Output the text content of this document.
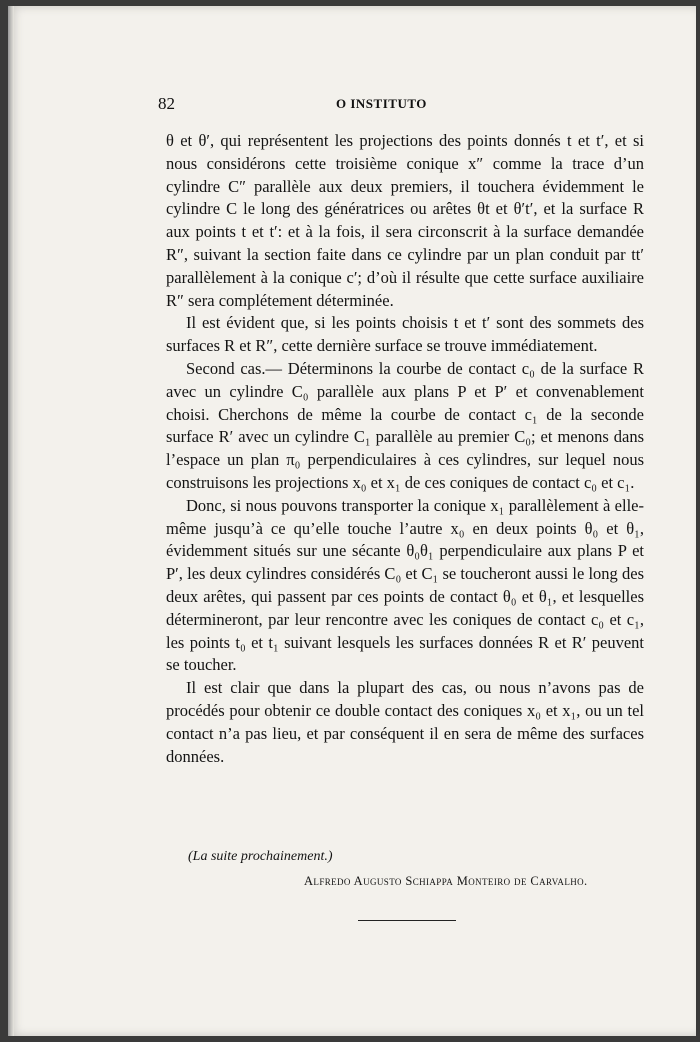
82	O INSTITUTO

θ et θ′, qui représentent les projections des points donnés t et t′, et si nous considérons cette troisième conique x″ comme la trace d’un cylindre C″ parallèle aux deux premiers, il touchera évidemment le cylindre C le long des génératrices ou arêtes θt et θ′t′, et la surface R aux points t et t′: et à la fois, il sera circonscrit à la surface demandée R″, suivant la section faite dans ce cylindre par un plan conduit par tt′ parallèlement à la conique c′; d’où il résulte que cette surface auxiliaire R″ sera complétement déterminée.

Il est évident que, si les points choisis t et t′ sont des sommets des surfaces R et R″, cette dernière surface se trouve immédiatement.

Second cas.— Déterminons la courbe de contact c₀ de la surface R avec un cylindre C₀ parallèle aux plans P et P′ et convenablement choisi. Cherchons de même la courbe de contact c₁ de la seconde surface R′ avec un cylindre C₁ parallèle au premier C₀; et menons dans l’espace un plan π₀ perpendiculaires à ces cylindres, sur lequel nous construisons les projections x₀ et x₁ de ces coniques de contact c₀ et c₁.

Donc, si nous pouvons transporter la conique x₁ parallèlement à elle-même jusqu’à ce qu’elle touche l’autre x₀ en deux points θ₀ et θ₁, évidemment situés sur une sécante θ₀θ₁ perpendiculaire aux plans P et P′, les deux cylindres considérés C₀ et C₁ se toucheront aussi le long des deux arêtes, qui passent par ces points de contact θ₀ et θ₁, et lesquelles détermineront, par leur rencontre avec les coniques de contact c₀ et c₁, les points t₀ et t₁ suivant lesquels les surfaces données R et R′ peuvent se toucher.

Il est clair que dans la plupart des cas, ou nous n’avons pas de procédés pour obtenir ce double contact des coniques x₀ et x₁, ou un tel contact n’a pas lieu, et par conséquent il en sera de même des surfaces données.

(La suite prochainement.)
Alfredo Augusto Schiappa Monteiro de Carvalho.
